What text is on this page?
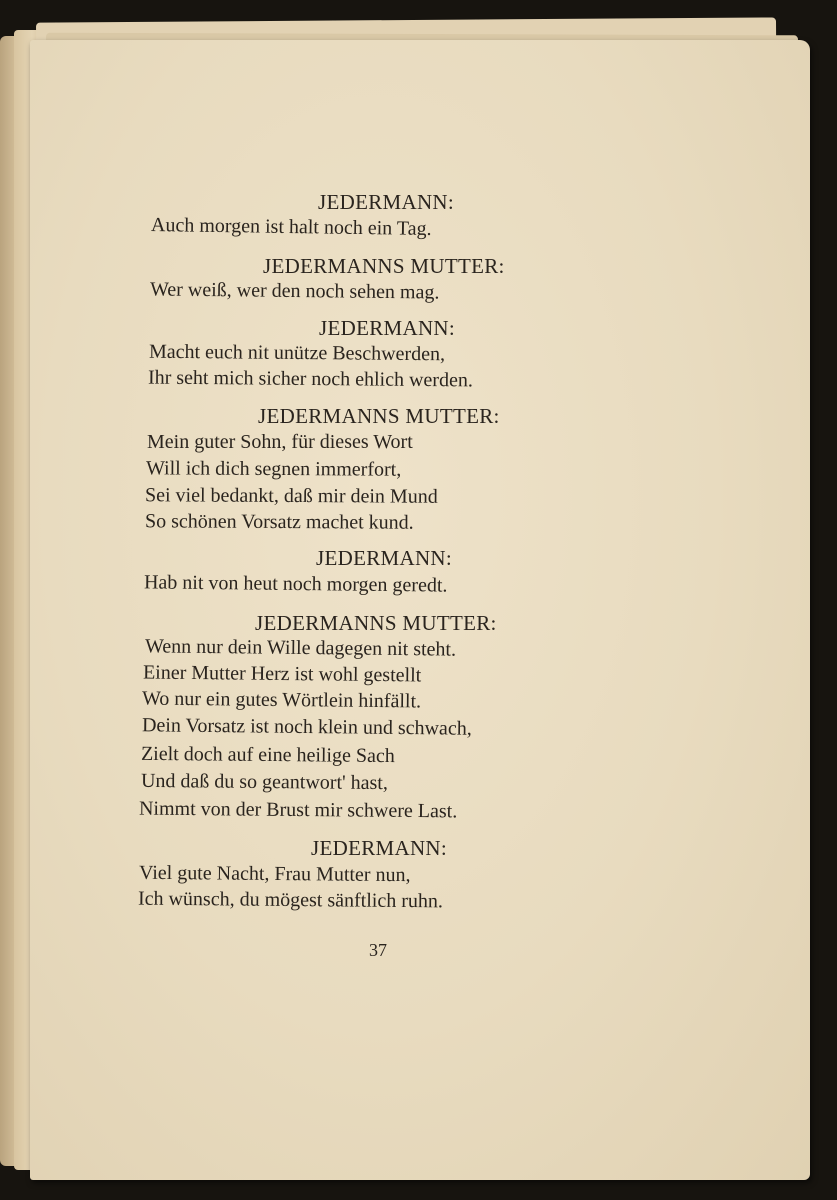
JEDERMANN:
Auch morgen ist halt noch ein Tag.
JEDERMANNS MUTTER:
Wer weiß, wer den noch sehen mag.
JEDERMANN:
Macht euch nit unütze Beschwerden,
Ihr seht mich sicher noch ehlich werden.
JEDERMANNS MUTTER:
Mein guter Sohn, für dieses Wort
Will ich dich segnen immerfort,
Sei viel bedankt, daß mir dein Mund
So schönen Vorsatz machet kund.
JEDERMANN:
Hab nit von heut noch morgen geredt.
JEDERMANNS MUTTER:
Wenn nur dein Wille dagegen nit steht.
Einer Mutter Herz ist wohl gestellt
Wo nur ein gutes Wörtlein hinfällt.
Dein Vorsatz ist noch klein und schwach,
Zielt doch auf eine heilige Sach
Und daß du so geantwort' hast,
Nimmt von der Brust mir schwere Last.
JEDERMANN:
Viel gute Nacht, Frau Mutter nun,
Ich wünsch, du mögest sänftlich ruhn.
37
